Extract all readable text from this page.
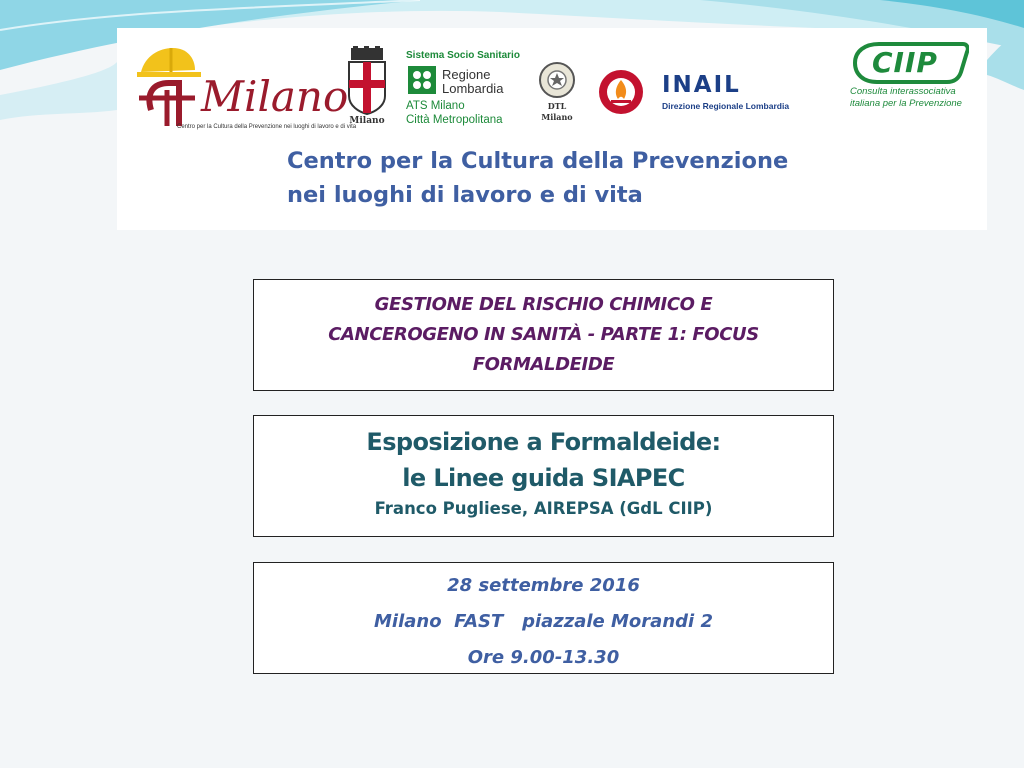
Milano
Centro per la Cultura della Prevenzione nei luoghi di lavoro e di vita
Milano
Sistema Socio Sanitario
Regione
Lombardia
ATS Milano
Città Metropolitana
DTL
Milano
INAIL
Direzione Regionale Lombardia
CIIP
Consulta interassociativa
italiana per la Prevenzione
Centro per la Cultura della Prevenzione
nei luoghi di lavoro e di vita
GESTIONE DEL RISCHIO CHIMICO E
CANCEROGENO IN SANITÀ - PARTE 1: FOCUS
FORMALDEIDE
Esposizione a Formaldeide:
le Linee guida SIAPEC
Franco Pugliese, AIREPSA (GdL CIIP)
28 settembre 2016
Milano  FAST   piazzale Morandi 2
Ore 9.00-13.30
